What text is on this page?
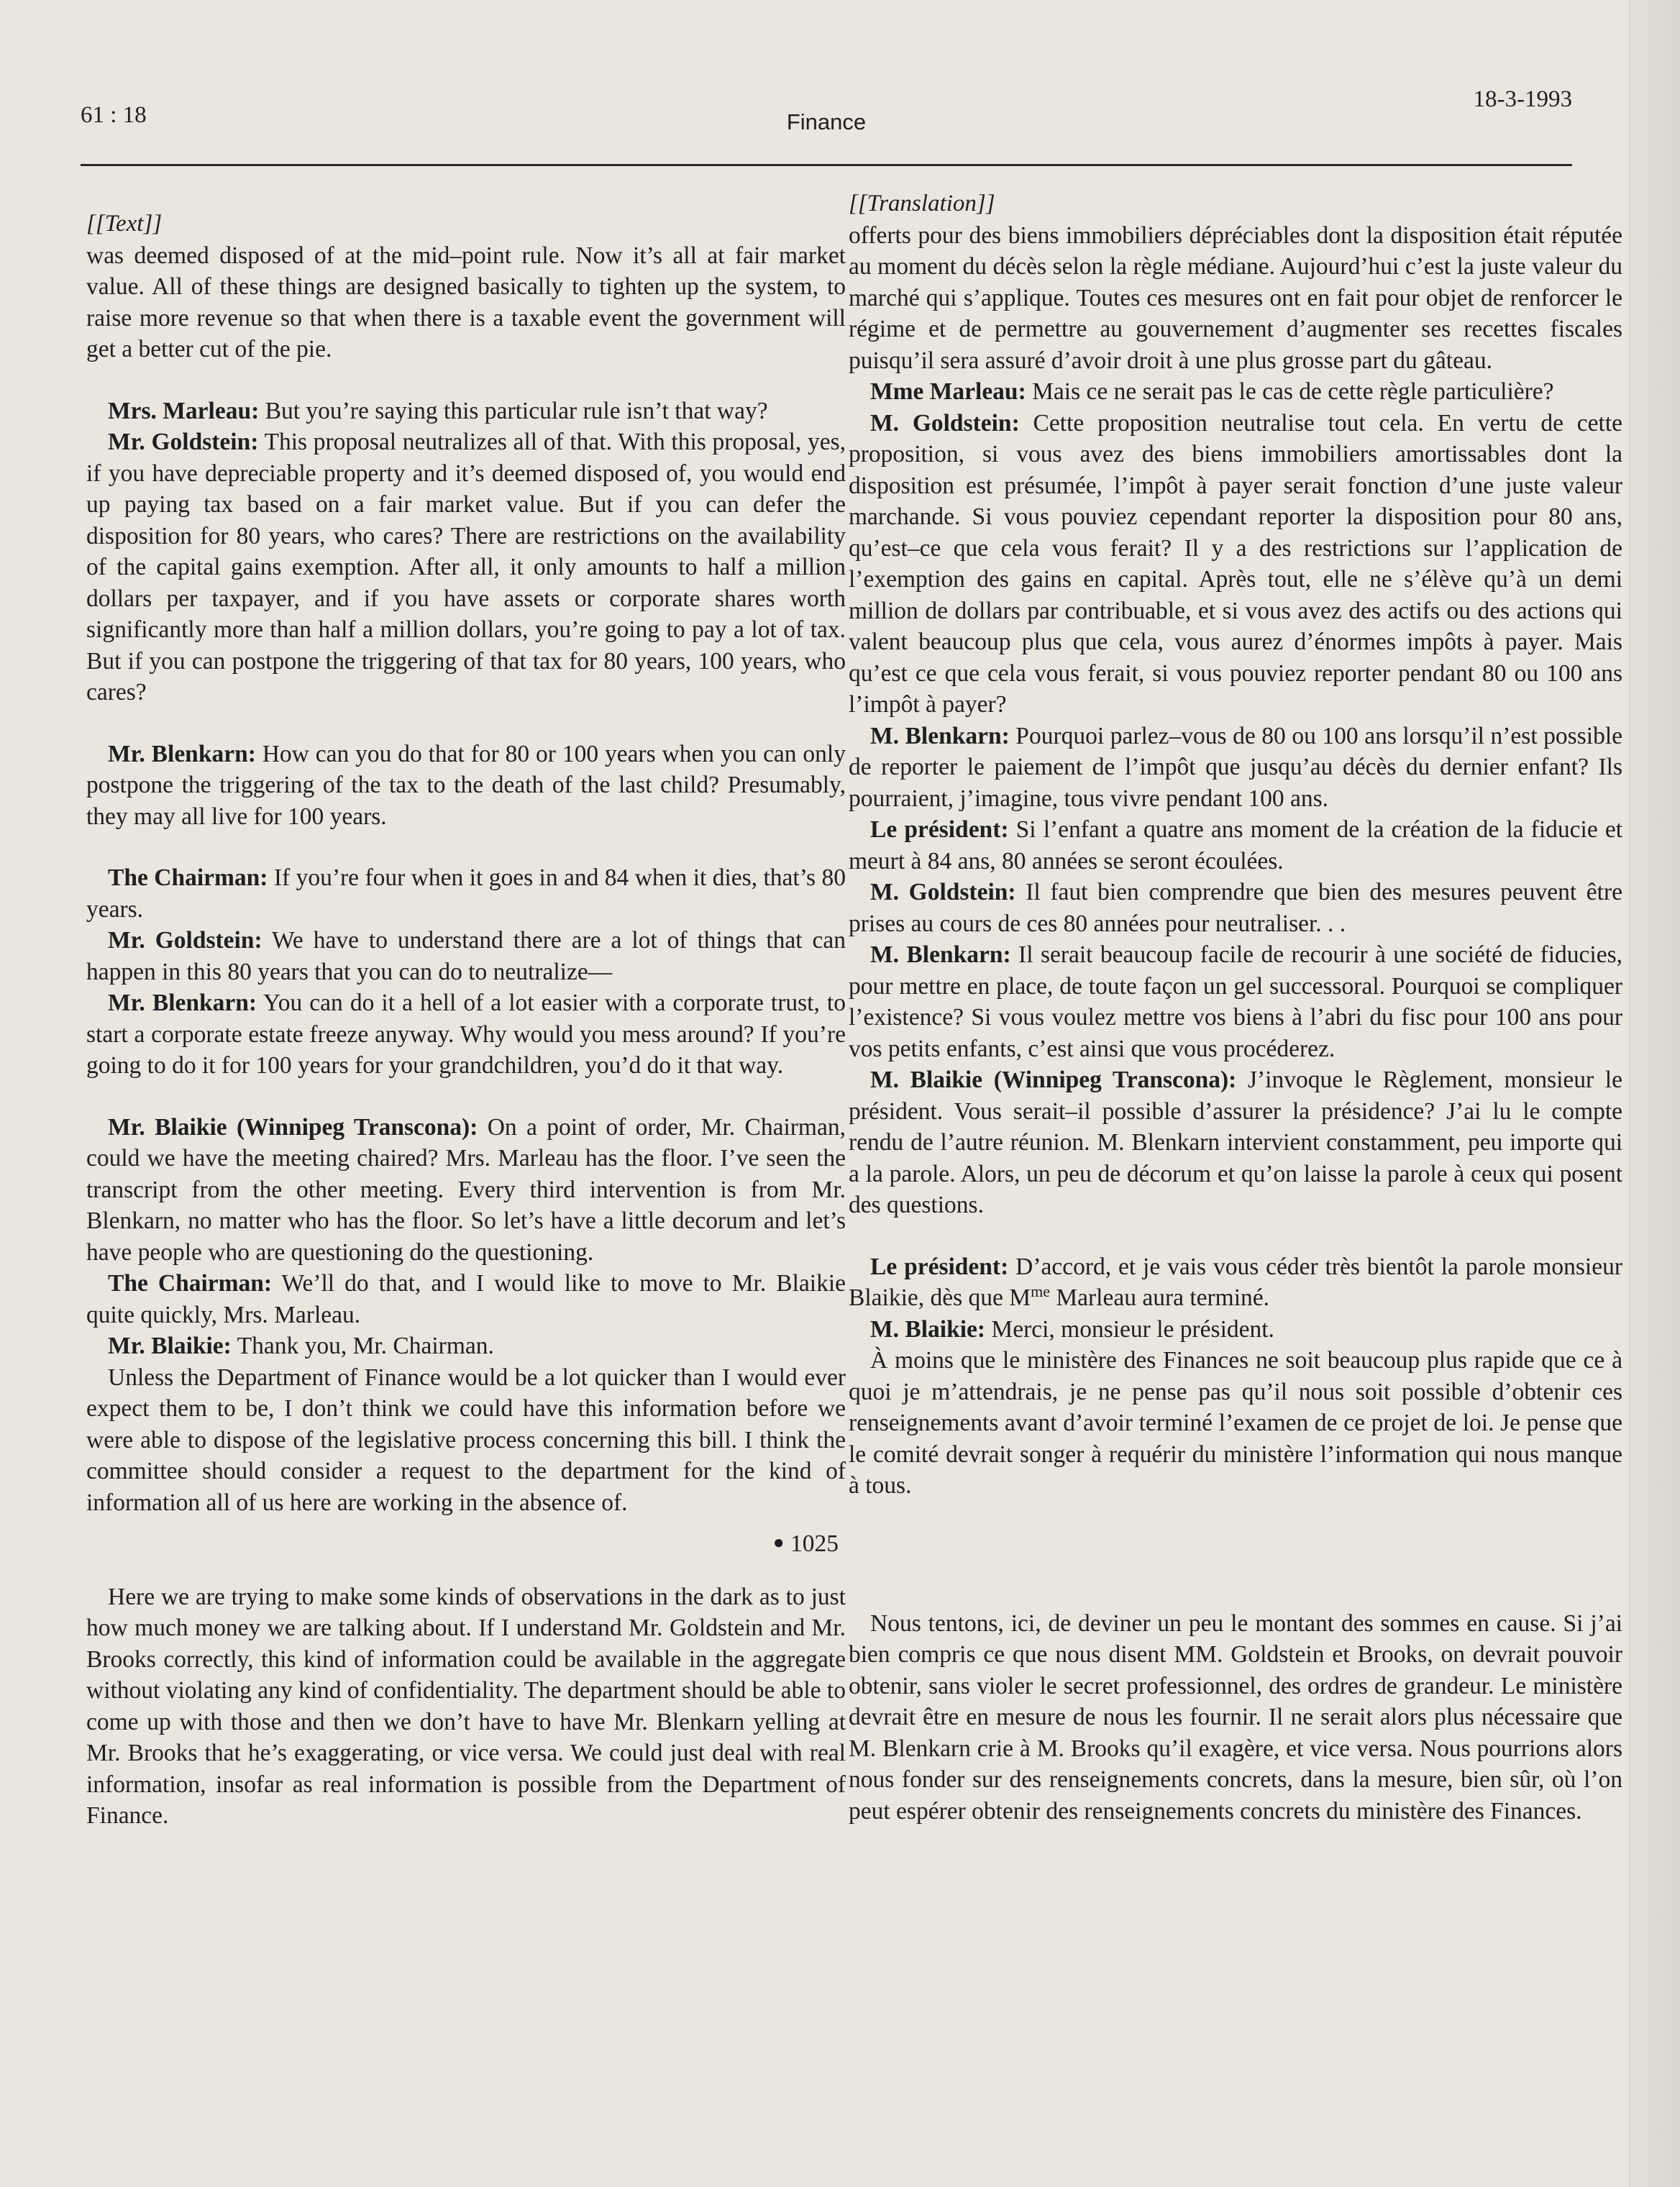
61 : 18	Finance
18-3-1993

[[Text]]

was deemed disposed of at the mid–point rule. Now it’s all at fair market value. All of these things are designed basically to tighten up the system, to raise more revenue so that when there is a taxable event the government will get a better cut of the pie.

Mrs. Marleau: But you’re saying this particular rule isn’t that way?

Mr. Goldstein: This proposal neutralizes all of that. With this proposal, yes, if you have depreciable property and it’s deemed disposed of, you would end up paying tax based on a fair market value. But if you can defer the disposition for 80 years, who cares? There are restrictions on the availability of the capital gains exemption. After all, it only amounts to half a million dollars per taxpayer, and if you have assets or corporate shares worth significantly more than half a million dollars, you’re going to pay a lot of tax. But if you can postpone the triggering of that tax for 80 years, 100 years, who cares?

Mr. Blenkarn: How can you do that for 80 or 100 years when you can only postpone the triggering of the tax to the death of the last child? Presumably, they may all live for 100 years.

The Chairman: If you’re four when it goes in and 84 when it dies, that’s 80 years.

Mr. Goldstein: We have to understand there are a lot of things that can happen in this 80 years that you can do to neutralize—

Mr. Blenkarn: You can do it a hell of a lot easier with a corporate trust, to start a corporate estate freeze anyway. Why would you mess around? If you’re going to do it for 100 years for your grandchildren, you’d do it that way.

Mr. Blaikie (Winnipeg Transcona): On a point of order, Mr. Chairman, could we have the meeting chaired? Mrs. Marleau has the floor. I’ve seen the transcript from the other meeting. Every third intervention is from Mr. Blenkarn, no matter who has the floor. So let’s have a little decorum and let’s have people who are questioning do the questioning.

The Chairman: We’ll do that, and I would like to move to Mr. Blaikie quite quickly, Mrs. Marleau.

Mr. Blaikie: Thank you, Mr. Chairman.

Unless the Department of Finance would be a lot quicker than I would ever expect them to be, I don’t think we could have this information before we were able to dispose of the legislative process concerning this bill. I think the committee should consider a request to the department for the kind of information all of us here are working in the absence of.

● 1025

Here we are trying to make some kinds of observations in the dark as to just how much money we are talking about. If I understand Mr. Goldstein and Mr. Brooks correctly, this kind of information could be available in the aggregate without violating any kind of confidentiality. The department should be able to come up with those and then we don’t have to have Mr. Blenkarn yelling at Mr. Brooks that he’s exaggerating, or vice versa. We could just deal with real information, insofar as real information is possible from the Department of Finance.

[[Translation]]

offerts pour des biens immobiliers dépréciables dont la disposition était réputée au moment du décès selon la règle médiane. Aujourd’hui c’est la juste valeur du marché qui s’applique. Toutes ces mesures ont en fait pour objet de renforcer le régime et de permettre au gouvernement d’augmenter ses recettes fiscales puisqu’il sera assuré d’avoir droit à une plus grosse part du gâteau.

Mme Marleau: Mais ce ne serait pas le cas de cette règle particulière?

M. Goldstein: Cette proposition neutralise tout cela. En vertu de cette proposition, si vous avez des biens immobiliers amortissables dont la disposition est présumée, l’impôt à payer serait fonction d’une juste valeur marchande. Si vous pouviez cependant reporter la disposition pour 80 ans, qu’est–ce que cela vous ferait? Il y a des restrictions sur l’application de l’exemption des gains en capital. Après tout, elle ne s’élève qu’à un demi million de dollars par contribuable, et si vous avez des actifs ou des actions qui valent beaucoup plus que cela, vous aurez d’énormes impôts à payer. Mais qu’est ce que cela vous ferait, si vous pouviez reporter pendant 80 ou 100 ans l’impôt à payer?

M. Blenkarn: Pourquoi parlez–vous de 80 ou 100 ans lorsqu’il n’est possible de reporter le paiement de l’impôt que jusqu’au décès du dernier enfant? Ils pourraient, j’imagine, tous vivre pendant 100 ans.

Le président: Si l’enfant a quatre ans moment de la création de la fiducie et meurt à 84 ans, 80 années se seront écoulées.

M. Goldstein: Il faut bien comprendre que bien des mesures peuvent être prises au cours de ces 80 années pour neutraliser. . .

M. Blenkarn: Il serait beaucoup facile de recourir à une société de fiducies, pour mettre en place, de toute façon un gel successoral. Pourquoi se compliquer l’existence? Si vous voulez mettre vos biens à l’abri du fisc pour 100 ans pour vos petits enfants, c’est ainsi que vous procéderez.

M. Blaikie (Winnipeg Transcona): J’invoque le Règlement, monsieur le président. Vous serait–il possible d’assurer la présidence? J’ai lu le compte rendu de l’autre réunion. M. Blenkarn intervient constamment, peu importe qui a la parole. Alors, un peu de décorum et qu’on laisse la parole à ceux qui posent des questions.

Le président: D’accord, et je vais vous céder très bientôt la parole monsieur Blaikie, dès que $M^{me}$ Marleau aura terminé.

M. Blaikie: Merci, monsieur le président.

À moins que le ministère des Finances ne soit beaucoup plus rapide que ce à quoi je m’attendrais, je ne pense pas qu’il nous soit possible d’obtenir ces renseignements avant d’avoir terminé l’examen de ce projet de loi. Je pense que le comité devrait songer à requérir du ministère l’information qui nous manque à tous.

Nous tentons, ici, de deviner un peu le montant des sommes en cause. Si j’ai bien compris ce que nous disent MM. Goldstein et Brooks, on devrait pouvoir obtenir, sans violer le secret professionnel, des ordres de grandeur. Le ministère devrait être en mesure de nous les fournir. Il ne serait alors plus nécessaire que M. Blenkarn crie à M. Brooks qu’il exagère, et vice versa. Nous pourrions alors nous fonder sur des renseignements concrets, dans la mesure, bien sûr, où l’on peut espérer obtenir des renseignements concrets du ministère des Finances.
